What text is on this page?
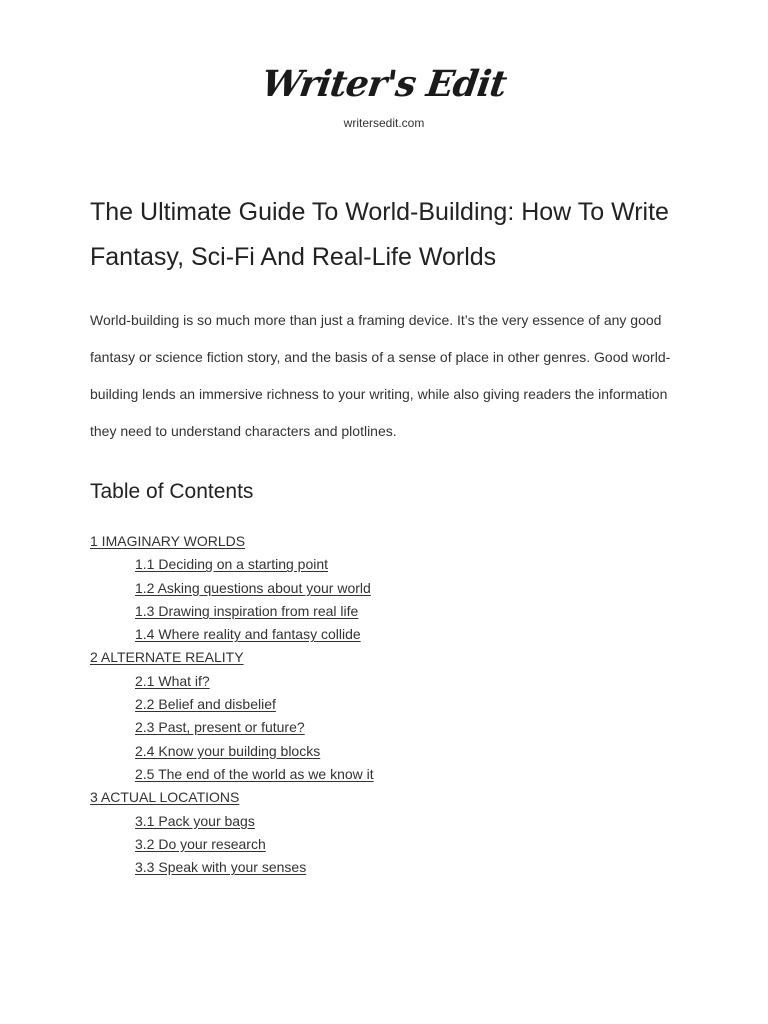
Writer's Edit
writersedit.com
The Ultimate Guide To World-Building: How To Write Fantasy, Sci-Fi And Real-Life Worlds

World-building is so much more than just a framing device. It’s the very essence of any good fantasy or science fiction story, and the basis of a sense of place in other genres. Good world-building lends an immersive richness to your writing, while also giving readers the information they need to understand characters and plotlines.

Table of Contents
1 IMAGINARY WORLDS
1.1 Deciding on a starting point
1.2 Asking questions about your world
1.3 Drawing inspiration from real life
1.4 Where reality and fantasy collide
2 ALTERNATE REALITY
2.1 What if?
2.2 Belief and disbelief
2.3 Past, present or future?
2.4 Know your building blocks
2.5 The end of the world as we know it
3 ACTUAL LOCATIONS
3.1 Pack your bags
3.2 Do your research
3.3 Speak with your senses
